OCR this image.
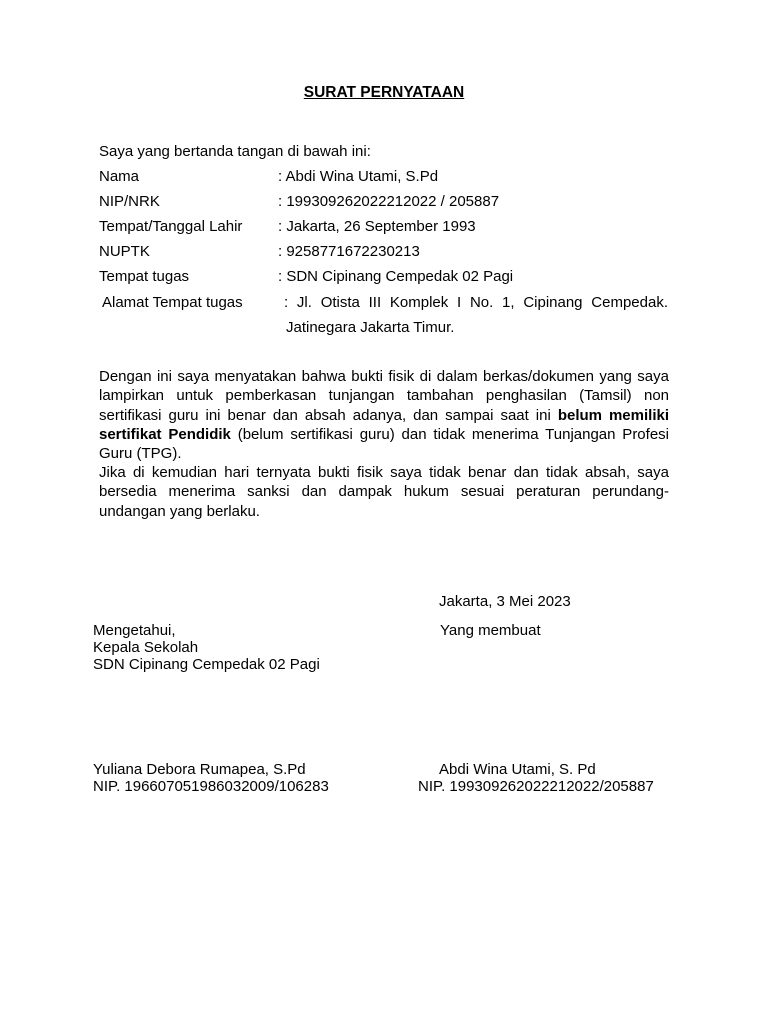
SURAT PERNYATAAN
Saya yang bertanda tangan di bawah ini:
Nama	: Abdi Wina Utami, S.Pd
NIP/NRK	: 199309262022212022 / 205887
Tempat/Tanggal Lahir : Jakarta, 26 September 1993
NUPTK	: 9258771672230213
Tempat tugas	: SDN Cipinang Cempedak 02 Pagi
Alamat Tempat tugas	: Jl. Otista III Komplek I No. 1, Cipinang Cempedak.
Jatinegara Jakarta Timur.

Dengan ini saya menyatakan bahwa bukti fisik di dalam berkas/dokumen yang saya lampirkan untuk pemberkasan tunjangan tambahan penghasilan (Tamsil) non sertifikasi guru ini benar dan absah adanya, dan sampai saat ini belum memiliki sertifikat Pendidik (belum sertifikasi guru) dan tidak menerima Tunjangan Profesi Guru (TPG).

Jika di kemudian hari ternyata bukti fisik saya tidak benar dan tidak absah, saya bersedia menerima sanksi dan dampak hukum sesuai peraturan perundang-undangan yang berlaku.

Jakarta, 3 Mei 2023
Mengetahui,
Kepala Sekolah
SDN Cipinang Cempedak 02 Pagi
Yang membuat
Yuliana Debora Rumapea, S.Pd
NIP. 196607051986032009/106283
Abdi Wina Utami, S. Pd
NIP. 199309262022212022/205887
